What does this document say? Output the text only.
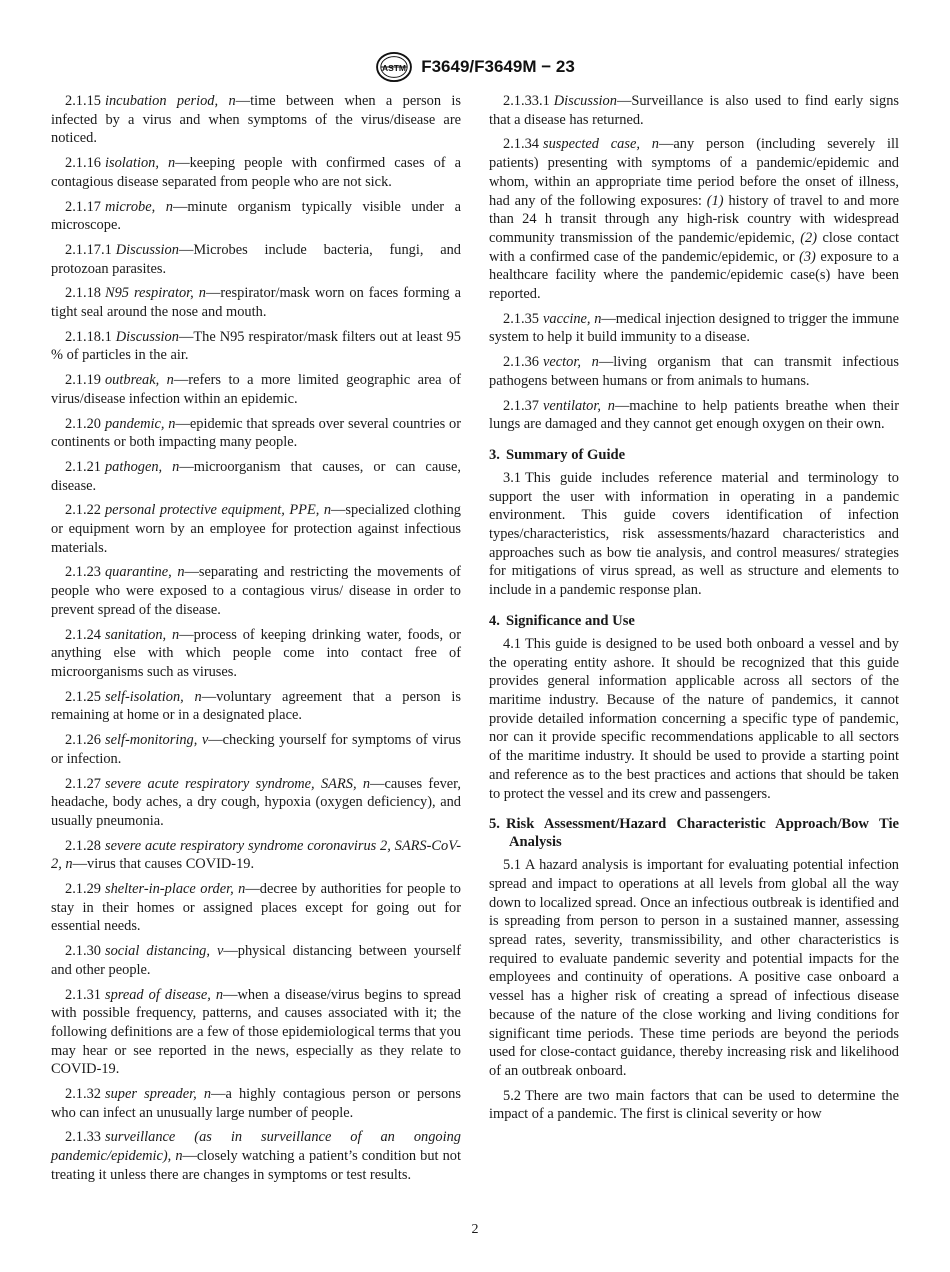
ASTM F3649/F3649M − 23

2.1.15 incubation period, n—time between when a person is infected by a virus and when symptoms of the virus/disease are noticed.

2.1.16 isolation, n—keeping people with confirmed cases of a contagious disease separated from people who are not sick.

2.1.17 microbe, n—minute organism typically visible under a microscope.

2.1.17.1 Discussion—Microbes include bacteria, fungi, and protozoan parasites.

2.1.18 N95 respirator, n—respirator/mask worn on faces forming a tight seal around the nose and mouth.

2.1.18.1 Discussion—The N95 respirator/mask filters out at least 95 % of particles in the air.

2.1.19 outbreak, n—refers to a more limited geographic area of virus/disease infection within an epidemic.

2.1.20 pandemic, n—epidemic that spreads over several countries or continents or both impacting many people.

2.1.21 pathogen, n—microorganism that causes, or can cause, disease.

2.1.22 personal protective equipment, PPE, n—specialized clothing or equipment worn by an employee for protection against infectious materials.

2.1.23 quarantine, n—separating and restricting the movements of people who were exposed to a contagious virus/ disease in order to prevent spread of the disease.

2.1.24 sanitation, n—process of keeping drinking water, foods, or anything else with which people come into contact free of microorganisms such as viruses.

2.1.25 self-isolation, n—voluntary agreement that a person is remaining at home or in a designated place.

2.1.26 self-monitoring, v—checking yourself for symptoms of virus or infection.

2.1.27 severe acute respiratory syndrome, SARS, n—causes fever, headache, body aches, a dry cough, hypoxia (oxygen deficiency), and usually pneumonia.

2.1.28 severe acute respiratory syndrome coronavirus 2, SARS-CoV-2, n—virus that causes COVID-19.

2.1.29 shelter-in-place order, n—decree by authorities for people to stay in their homes or assigned places except for going out for essential needs.

2.1.30 social distancing, v—physical distancing between yourself and other people.

2.1.31 spread of disease, n—when a disease/virus begins to spread with possible frequency, patterns, and causes associated with it; the following definitions are a few of those epidemiological terms that you may hear or see reported in the news, especially as they relate to COVID-19.

2.1.32 super spreader, n—a highly contagious person or persons who can infect an unusually large number of people.

2.1.33 surveillance (as in surveillance of an ongoing pandemic/epidemic), n—closely watching a patient’s condition but not treating it unless there are changes in symptoms or test results.

2.1.33.1 Discussion—Surveillance is also used to find early signs that a disease has returned.

2.1.34 suspected case, n—any person (including severely ill patients) presenting with symptoms of a pandemic/epidemic and whom, within an appropriate time period before the onset of illness, had any of the following exposures: (1) history of travel to and more than 24 h transit through any high-risk country with widespread community transmission of the pandemic/epidemic, (2) close contact with a confirmed case of the pandemic/epidemic, or (3) exposure to a healthcare facility where the pandemic/epidemic case(s) have been reported.

2.1.35 vaccine, n—medical injection designed to trigger the immune system to help it build immunity to a disease.

2.1.36 vector, n—living organism that can transmit infectious pathogens between humans or from animals to humans.

2.1.37 ventilator, n—machine to help patients breathe when their lungs are damaged and they cannot get enough oxygen on their own.

3. Summary of Guide

3.1 This guide includes reference material and terminology to support the user with information in operating in a pandemic environment. This guide covers identification of infection types/characteristics, risk assessments/hazard characteristics and approaches such as bow tie analysis, and control measures/ strategies for mitigations of virus spread, as well as structure and elements to include in a pandemic response plan.

4. Significance and Use

4.1 This guide is designed to be used both onboard a vessel and by the operating entity ashore. It should be recognized that this guide provides general information applicable across all sectors of the maritime industry. Because of the nature of pandemics, it cannot provide detailed information concerning a specific type of pandemic, nor can it provide specific recommendations applicable to all sectors of the maritime industry. It should be used to provide a starting point and reference as to the best practices and actions that should be taken to protect the vessel and its crew and passengers.

5. Risk Assessment/Hazard Characteristic Approach/Bow Tie Analysis

5.1 A hazard analysis is important for evaluating potential infection spread and impact to operations at all levels from global all the way down to localized spread. Once an infectious outbreak is identified and is spreading from person to person in a sustained manner, assessing spread rates, severity, transmissibility, and other characteristics is required to evaluate pandemic severity and potential impacts for the employees and continuity of operations. A positive case onboard a vessel has a higher risk of creating a spread of infectious disease because of the nature of the close working and living conditions for significant time periods. These time periods are beyond the periods used for close-contact guidance, thereby increasing risk and likelihood of an outbreak onboard.

5.2 There are two main factors that can be used to determine the impact of a pandemic. The first is clinical severity or how

2
